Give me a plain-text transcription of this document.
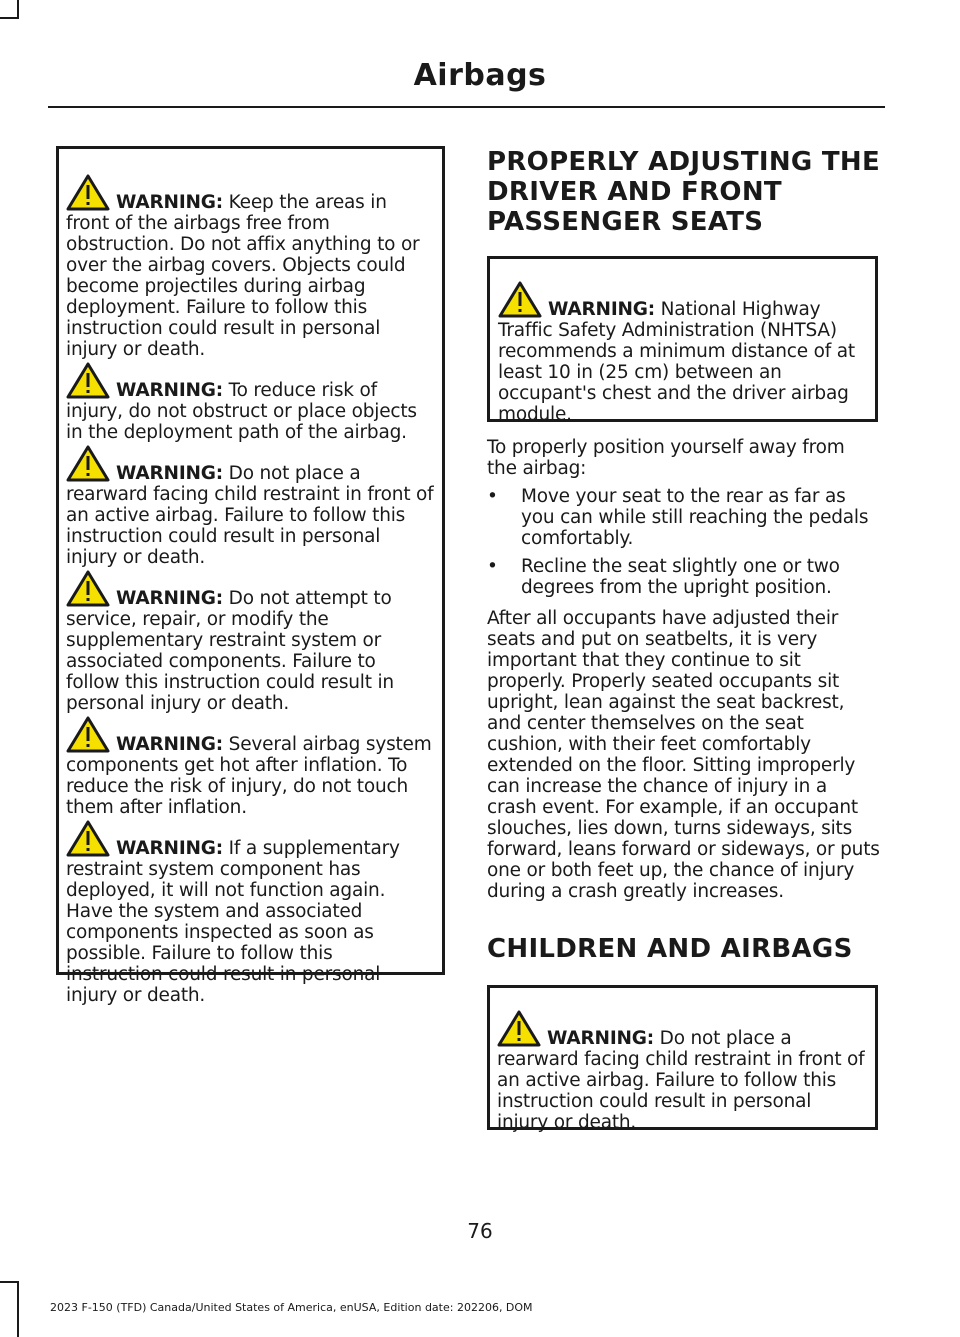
Airbags
WARNING: Keep the areas in front of the airbags free from obstruction. Do not affix anything to or over the airbag covers. Objects could become projectiles during airbag deployment. Failure to follow this instruction could result in personal injury or death.
WARNING: To reduce risk of injury, do not obstruct or place objects in the deployment path of the airbag.
WARNING: Do not place a rearward facing child restraint in front of an active airbag. Failure to follow this instruction could result in personal injury or death.
WARNING: Do not attempt to service, repair, or modify the supplementary restraint system or associated components. Failure to follow this instruction could result in personal injury or death.
WARNING: Several airbag system components get hot after inflation. To reduce the risk of injury, do not touch them after inflation.
WARNING: If a supplementary restraint system component has deployed, it will not function again. Have the system and associated components inspected as soon as possible. Failure to follow this instruction could result in personal injury or death.
PROPERLY ADJUSTING THE
DRIVER AND FRONT
PASSENGER SEATS
WARNING: National Highway Traffic Safety Administration (NHTSA) recommends a minimum distance of at least 10 in (25 cm) between an occupant's chest and the driver airbag module.
To properly position yourself away from the airbag:
• Move your seat to the rear as far as you can while still reaching the pedals comfortably.
• Recline the seat slightly one or two degrees from the upright position.
After all occupants have adjusted their seats and put on seatbelts, it is very important that they continue to sit properly. Properly seated occupants sit upright, lean against the seat backrest, and center themselves on the seat cushion, with their feet comfortably extended on the floor. Sitting improperly can increase the chance of injury in a crash event. For example, if an occupant slouches, lies down, turns sideways, sits forward, leans forward or sideways, or puts one or both feet up, the chance of injury during a crash greatly increases.
CHILDREN AND AIRBAGS
WARNING: Do not place a rearward facing child restraint in front of an active airbag. Failure to follow this instruction could result in personal injury or death.
76
2023 F-150 (TFD) Canada/United States of America, enUSA, Edition date: 202206, DOM
